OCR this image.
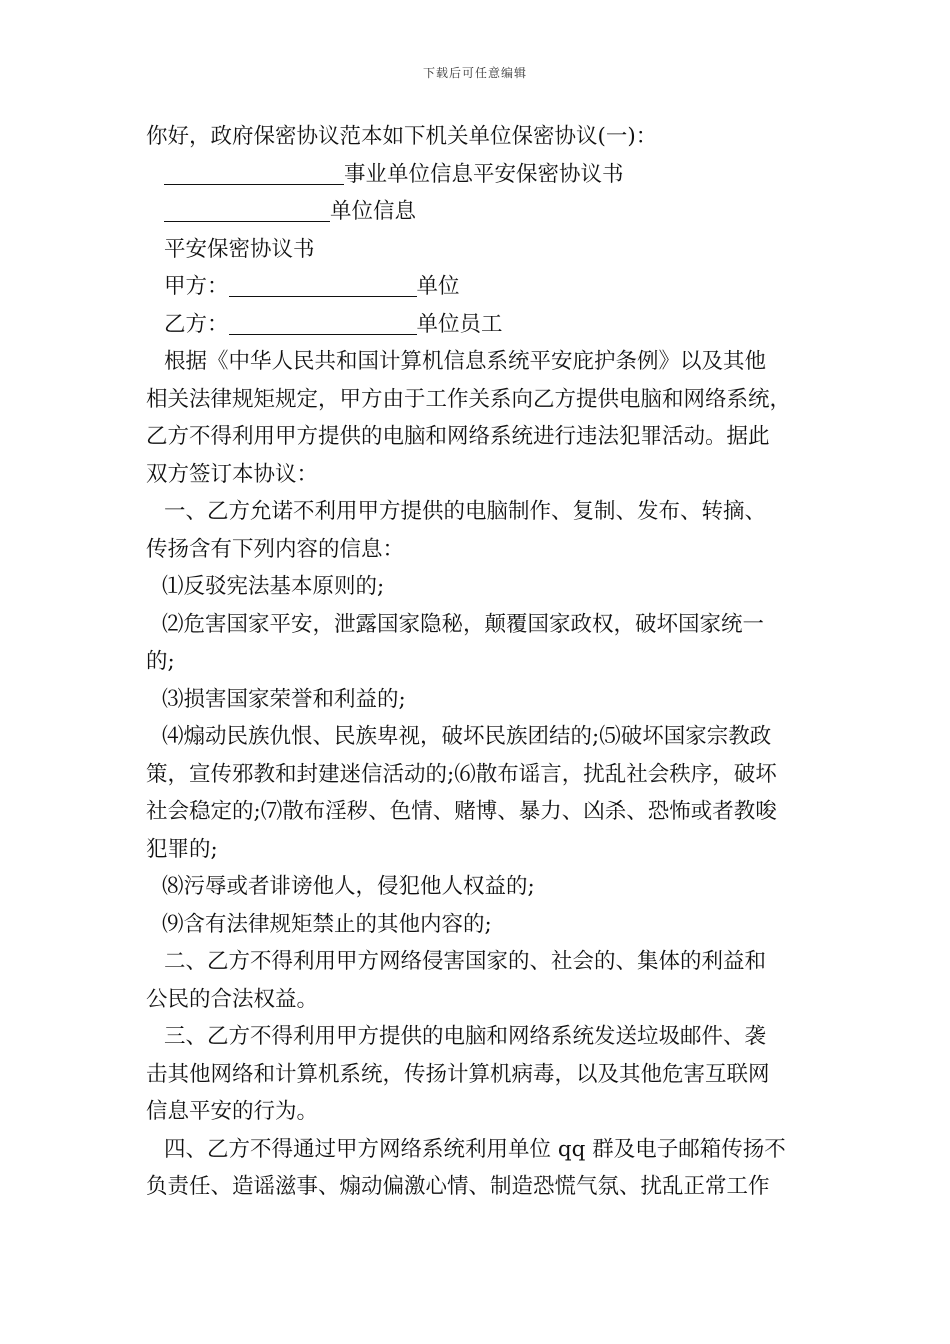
下载后可任意编辑

你好，政府保密协议范本如下机关单位保密协议(一)：

事业单位信息平安保密协议书

单位信息

平安保密协议书

甲方：	单位

乙方：	单位员工

根据《中华人民共和国计算机信息系统平安庇护条例》以及其他

相关法律规矩规定，甲方由于工作关系向乙方提供电脑和网络系统，

乙方不得利用甲方提供的电脑和网络系统进行违法犯罪活动。据此

双方签订本协议：

一、乙方允诺不利用甲方提供的电脑制作、复制、发布、转摘、

传扬含有下列内容的信息：

⑴反驳宪法基本原则的;

⑵危害国家平安，泄露国家隐秘，颠覆国家政权，破坏国家统一

的;

⑶损害国家荣誉和利益的;

⑷煽动民族仇恨、民族卑视，破坏民族团结的;⑸破坏国家宗教政

策，宣传邪教和封建迷信活动的;⑹散布谣言，扰乱社会秩序，破坏

社会稳定的;⑺散布淫秽、色情、赌博、暴力、凶杀、恐怖或者教唆

犯罪的;

⑻污辱或者诽谤他人，侵犯他人权益的;

⑼含有法律规矩禁止的其他内容的;

二、乙方不得利用甲方网络侵害国家的、社会的、集体的利益和

公民的合法权益。

三、乙方不得利用甲方提供的电脑和网络系统发送垃圾邮件、袭

击其他网络和计算机系统，传扬计算机病毒，以及其他危害互联网

信息平安的行为。

四、乙方不得通过甲方网络系统利用单位 qq 群及电子邮箱传扬不

负责任、造谣滋事、煽动偏激心情、制造恐慌气氛、扰乱正常工作
